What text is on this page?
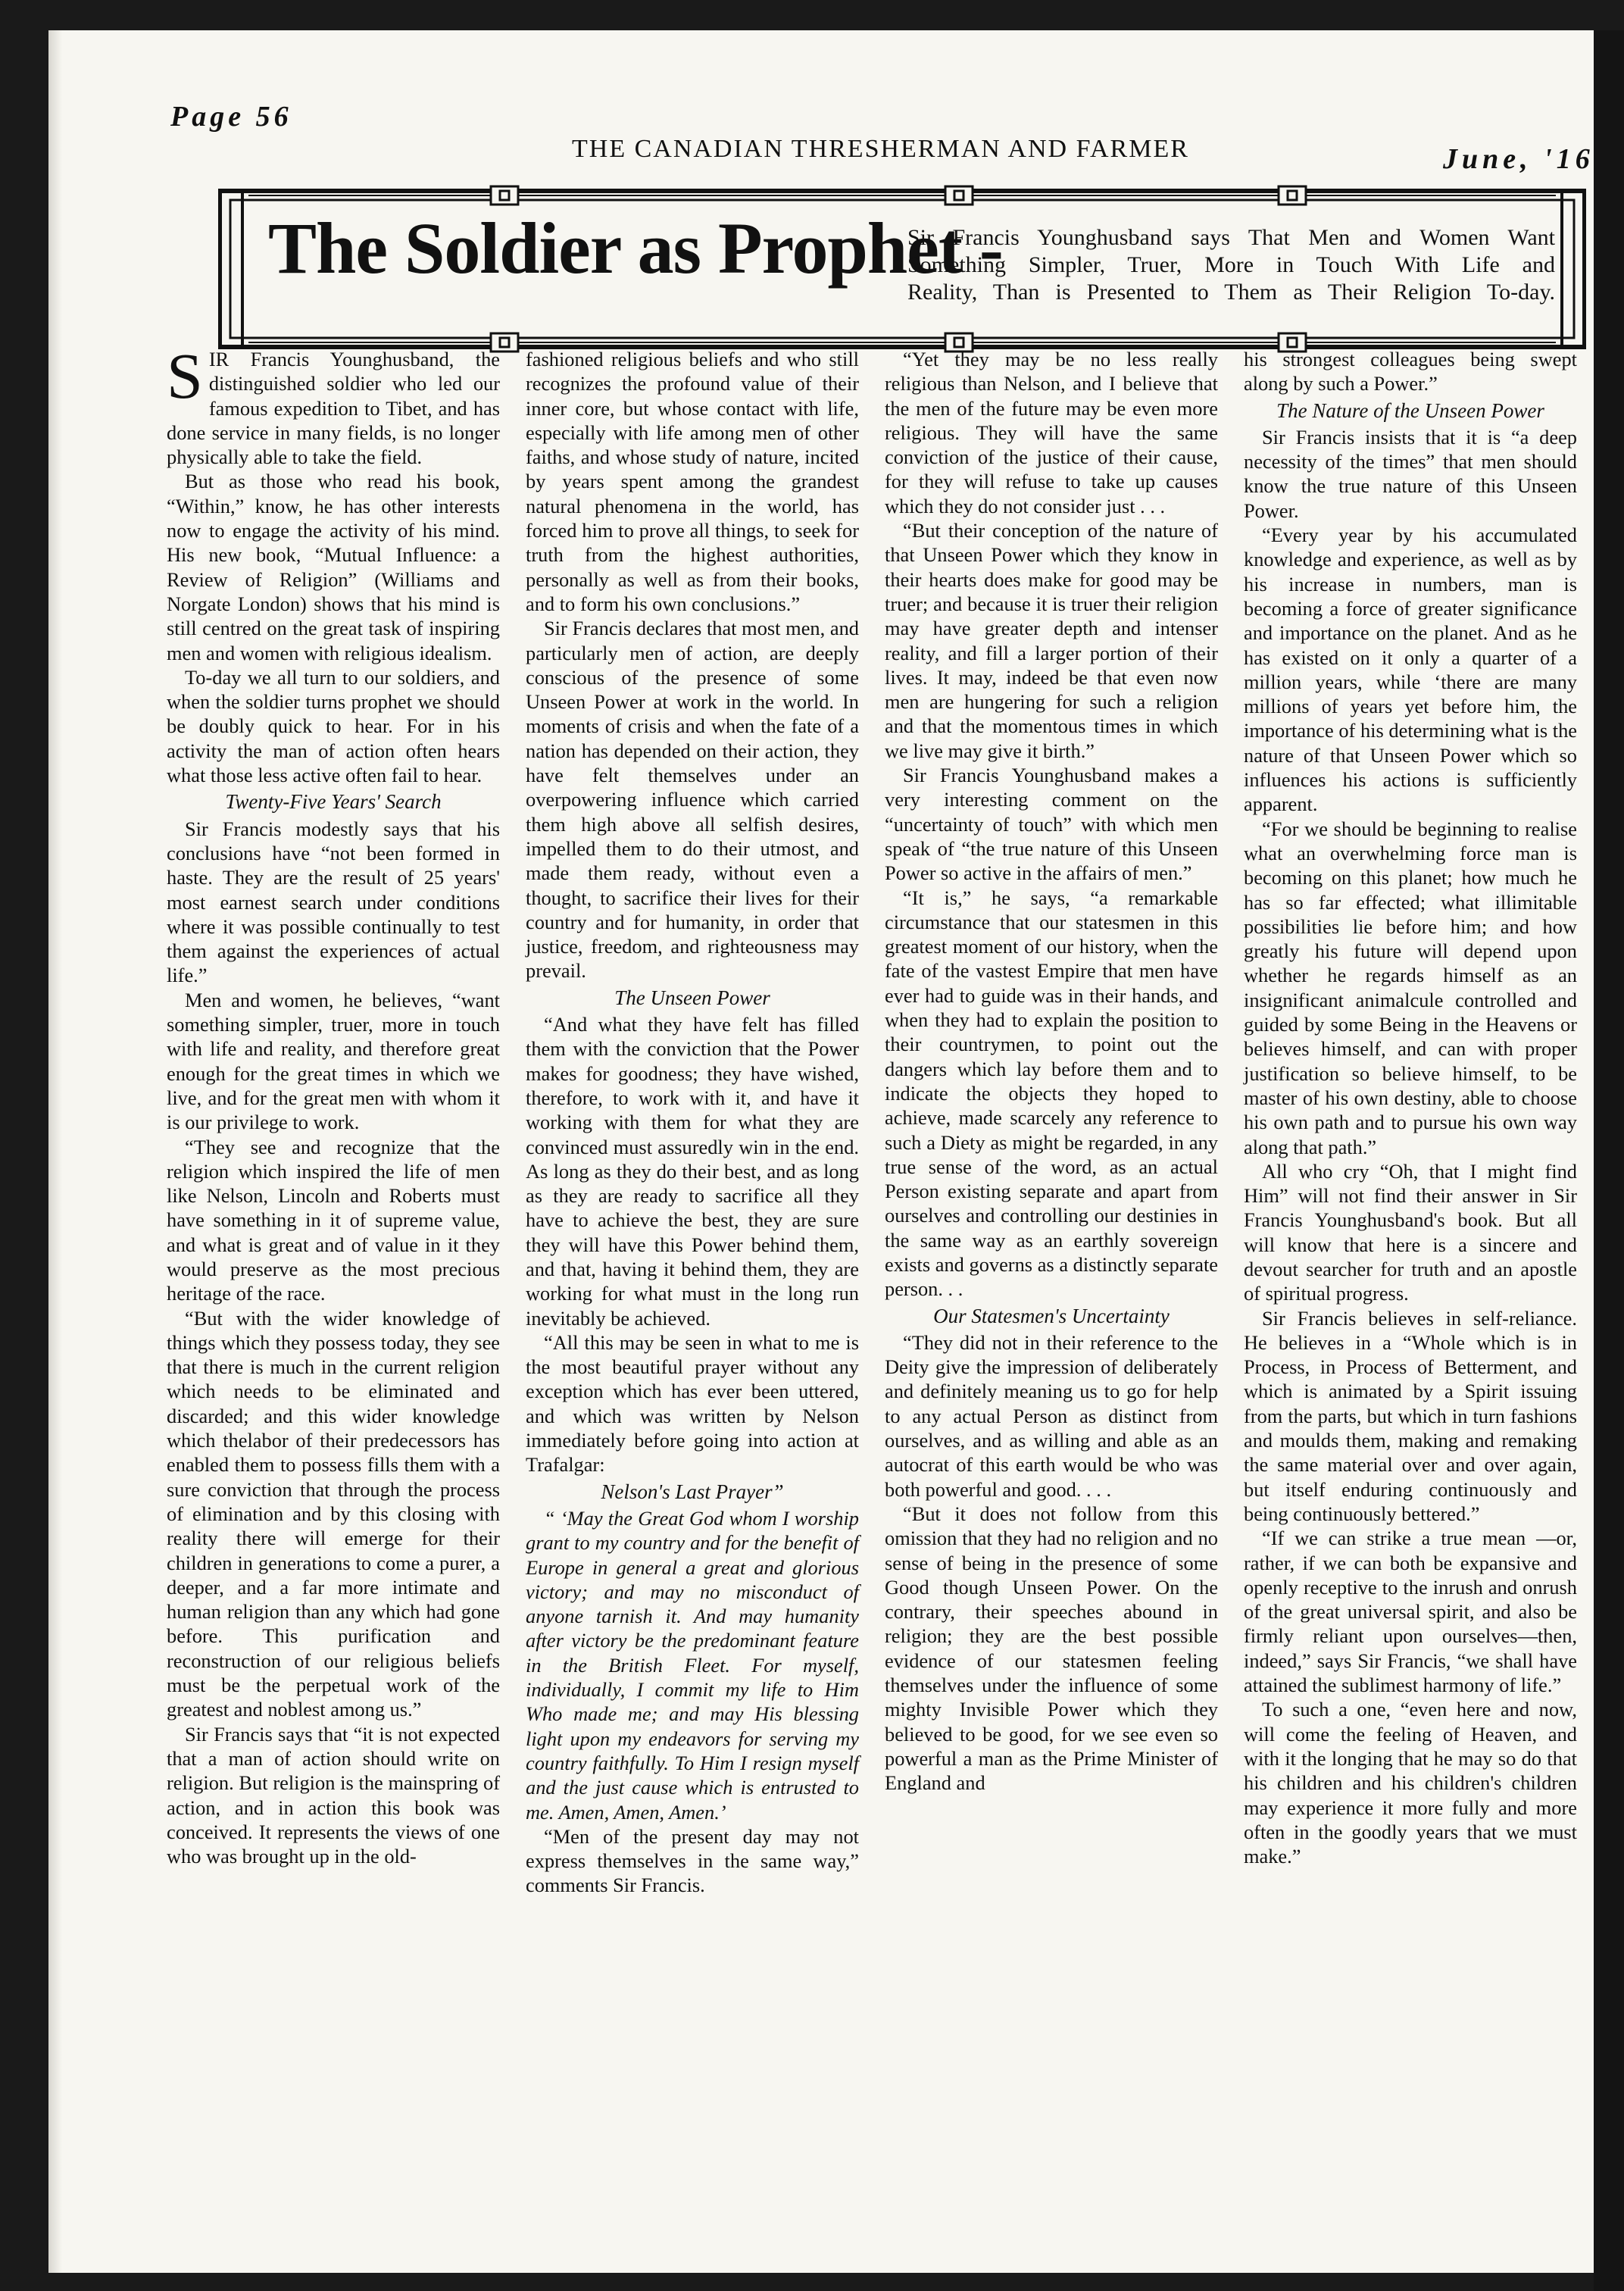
Page 56
THE CANADIAN THRESHERMAN AND FARMER	June, '16
The Soldier as Prophet -
Sir Francis Younghusband says That Men and Women Want
Something Simpler, Truer, More in Touch With Life and
Reality, Than is Presented to Them as Their Religion To-day.

SIR Francis Younghusband, the distinguished soldier who led our famous expedition to Tibet, and has done service in many fields, is no longer physically able to take the field.

But as those who read his book, “Within,” know, he has other interests now to engage the activity of his mind. His new book, “Mutual Influence: a Review of Religion” (Williams and Norgate London) shows that his mind is still centred on the great task of inspiring men and women with religious idealism.

To-day we all turn to our soldiers, and when the soldier turns prophet we should be doubly quick to hear. For in his activity the man of action often hears what those less active often fail to hear.

Twenty-Five Years' Search

Sir Francis modestly says that his conclusions have “not been formed in haste. They are the result of 25 years' most earnest search under conditions where it was possible continually to test them against the experiences of actual life.”

Men and women, he believes, “want something simpler, truer, more in touch with life and reality, and therefore great enough for the great times in which we live, and for the great men with whom it is our privilege to work.

“They see and recognize that the religion which inspired the life of men like Nelson, Lincoln and Roberts must have something in it of supreme value, and what is great and of value in it they would preserve as the most precious heritage of the race.

“But with the wider knowledge of things which they possess today, they see that there is much in the current religion which needs to be eliminated and discarded; and this wider knowledge which thelabor of their predecessors has enabled them to possess fills them with a sure conviction that through the process of elimination and by this closing with reality there will emerge for their children in generations to come a purer, a deeper, and a far more intimate and human religion than any which had gone before. This purification and reconstruction of our religious beliefs must be the perpetual work of the greatest and noblest among us.”

Sir Francis says that “it is not expected that a man of action should write on religion. But religion is the mainspring of action, and in action this book was conceived. It represents the views of one who was brought up in the old-

fashioned religious beliefs and who still recognizes the profound value of their inner core, but whose contact with life, especially with life among men of other faiths, and whose study of nature, incited by years spent among the grandest natural phenomena in the world, has forced him to prove all things, to seek for truth from the highest authorities, personally as well as from their books, and to form his own conclusions.”

Sir Francis declares that most men, and particularly men of action, are deeply conscious of the presence of some Unseen Power at work in the world. In moments of crisis and when the fate of a nation has depended on their action, they have felt themselves under an overpowering influence which carried them high above all selfish desires, impelled them to do their utmost, and made them ready, without even a thought, to sacrifice their lives for their country and for humanity, in order that justice, freedom, and righteousness may prevail.

The Unseen Power

“And what they have felt has filled them with the conviction that the Power makes for goodness; they have wished, therefore, to work with it, and have it working with them for what they are convinced must assuredly win in the end. As long as they do their best, and as long as they are ready to sacrifice all they have to achieve the best, they are sure they will have this Power behind them, and that, having it behind them, they are working for what must in the long run inevitably be achieved.

“All this may be seen in what to me is the most beautiful prayer without any exception which has ever been uttered, and which was written by Nelson immediately before going into action at Trafalgar:

Nelson's Last Prayer”

“ ‘May the Great God whom I worship grant to my country and for the benefit of Europe in general a great and glorious victory; and may no misconduct of anyone tarnish it. And may humanity after victory be the predominant feature in the British Fleet. For myself, individually, I commit my life to Him Who made me; and may His blessing light upon my endeavors for serving my country faithfully. To Him I resign myself and the just cause which is entrusted to me. Amen, Amen, Amen.’

“Men of the present day may not express themselves in the same way,” comments Sir Francis.

“Yet they may be no less really religious than Nelson, and I believe that the men of the future may be even more religious. They will have the same conviction of the justice of their cause, for they will refuse to take up causes which they do not consider just . . .

“But their conception of the nature of that Unseen Power which they know in their hearts does make for good may be truer; and because it is truer their religion may have greater depth and intenser reality, and fill a larger portion of their lives. It may, indeed be that even now men are hungering for such a religion and that the momentous times in which we live may give it birth.”

Sir Francis Younghusband makes a very interesting comment on the “uncertainty of touch” with which men speak of “the true nature of this Unseen Power so active in the affairs of men.”

“It is,” he says, “a remarkable circumstance that our statesmen in this greatest moment of our history, when the fate of the vastest Empire that men have ever had to guide was in their hands, and when they had to explain the position to their countrymen, to point out the dangers which lay before them and to indicate the objects they hoped to achieve, made scarcely any reference to such a Diety as might be regarded, in any true sense of the word, as an actual Person existing separate and apart from ourselves and controlling our destinies in the same way as an earthly sovereign exists and governs as a distinctly separate person. . .

Our Statesmen's Uncertainty

“They did not in their reference to the Deity give the impression of deliberately and definitely meaning us to go for help to any actual Person as distinct from ourselves, and as willing and able as an autocrat of this earth would be who was both powerful and good. . . .

“But it does not follow from this omission that they had no religion and no sense of being in the presence of some Good though Unseen Power. On the contrary, their speeches abound in religion; they are the best possible evidence of our statesmen feeling themselves under the influence of some mighty Invisible Power which they believed to be good, for we see even so powerful a man as the Prime Minister of England and

his strongest colleagues being swept along by such a Power.”

The Nature of the Unseen Power

Sir Francis insists that it is “a deep necessity of the times” that men should know the true nature of this Unseen Power.

“Every year by his accumulated knowledge and experience, as well as by his increase in numbers, man is becoming a force of greater significance and importance on the planet. And as he has existed on it only a quarter of a million years, while ‘there are many millions of years yet before him, the importance of his determining what is the nature of that Unseen Power which so influences his actions is sufficiently apparent.

“For we should be beginning to realise what an overwhelming force man is becoming on this planet; how much he has so far effected; what illimitable possibilities lie before him; and how greatly his future will depend upon whether he regards himself as an insignificant animalcule controlled and guided by some Being in the Heavens or believes himself, and can with proper justification so believe himself, to be master of his own destiny, able to choose his own path and to pursue his own way along that path.”

All who cry “Oh, that I might find Him” will not find their answer in Sir Francis Younghusband's book. But all will know that here is a sincere and devout searcher for truth and an apostle of spiritual progress.

Sir Francis believes in self-reliance. He believes in a “Whole which is in Process, in Process of Betterment, and which is animated by a Spirit issuing from the parts, but which in turn fashions and moulds them, making and remaking the same material over and over again, but itself enduring continuously and being continuously bettered.”

“If we can strike a true mean —or, rather, if we can both be expansive and openly receptive to the inrush and onrush of the great universal spirit, and also be firmly reliant upon ourselves—then, indeed,” says Sir Francis, “we shall have attained the sublimest harmony of life.”

To such a one, “even here and now, will come the feeling of Heaven, and with it the longing that he may so do that his children and his children's children may experience it more fully and more often in the goodly years that we must make.”
